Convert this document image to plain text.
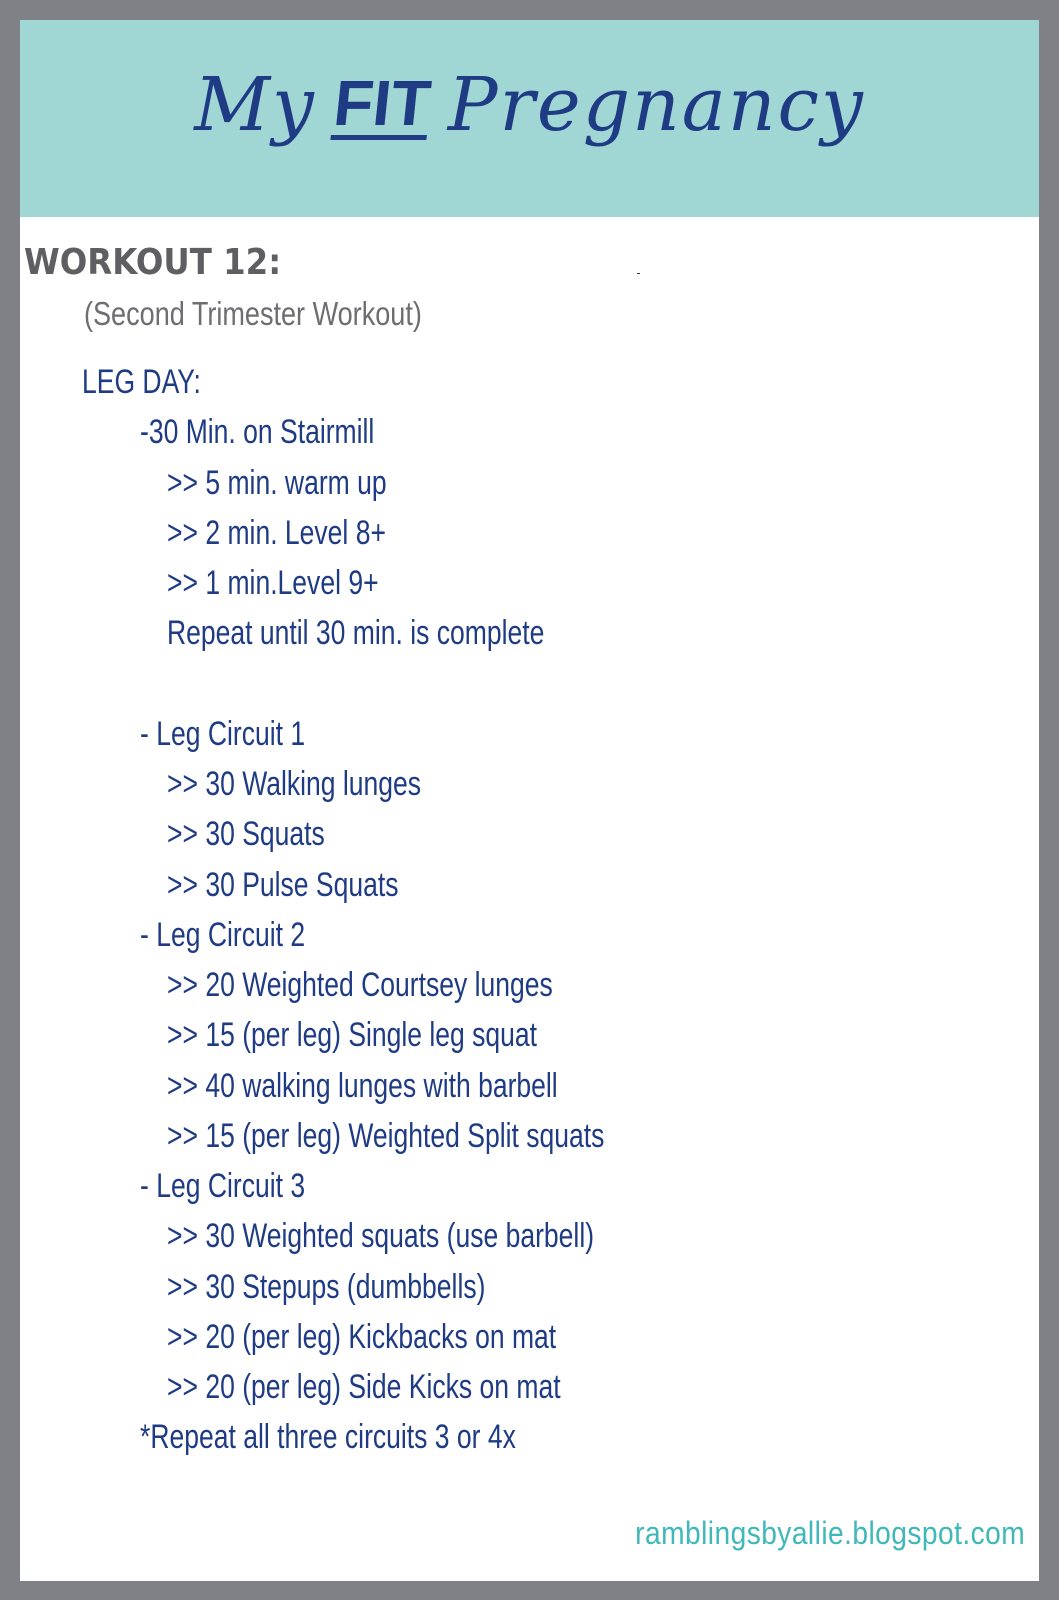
My FIT Pregnancy
WORKOUT 12:
(Second Trimester Workout)
LEG DAY:
-30 Min. on Stairmill
>> 5 min. warm up
>> 2 min. Level 8+
>> 1 min.Level 9+
Repeat until 30 min. is complete
- Leg Circuit 1
>> 30 Walking lunges
>> 30 Squats
>> 30 Pulse Squats
- Leg Circuit 2
>> 20 Weighted Courtsey lunges
>> 15 (per leg) Single leg squat
>> 40 walking lunges with barbell
>> 15 (per leg) Weighted Split squats
- Leg Circuit 3
>> 30 Weighted squats (use barbell)
>> 30 Stepups (dumbbells)
>> 20 (per leg) Kickbacks on mat
>> 20 (per leg) Side Kicks on mat
*Repeat all three circuits 3 or 4x
ramblingsbyallie.blogspot.com
